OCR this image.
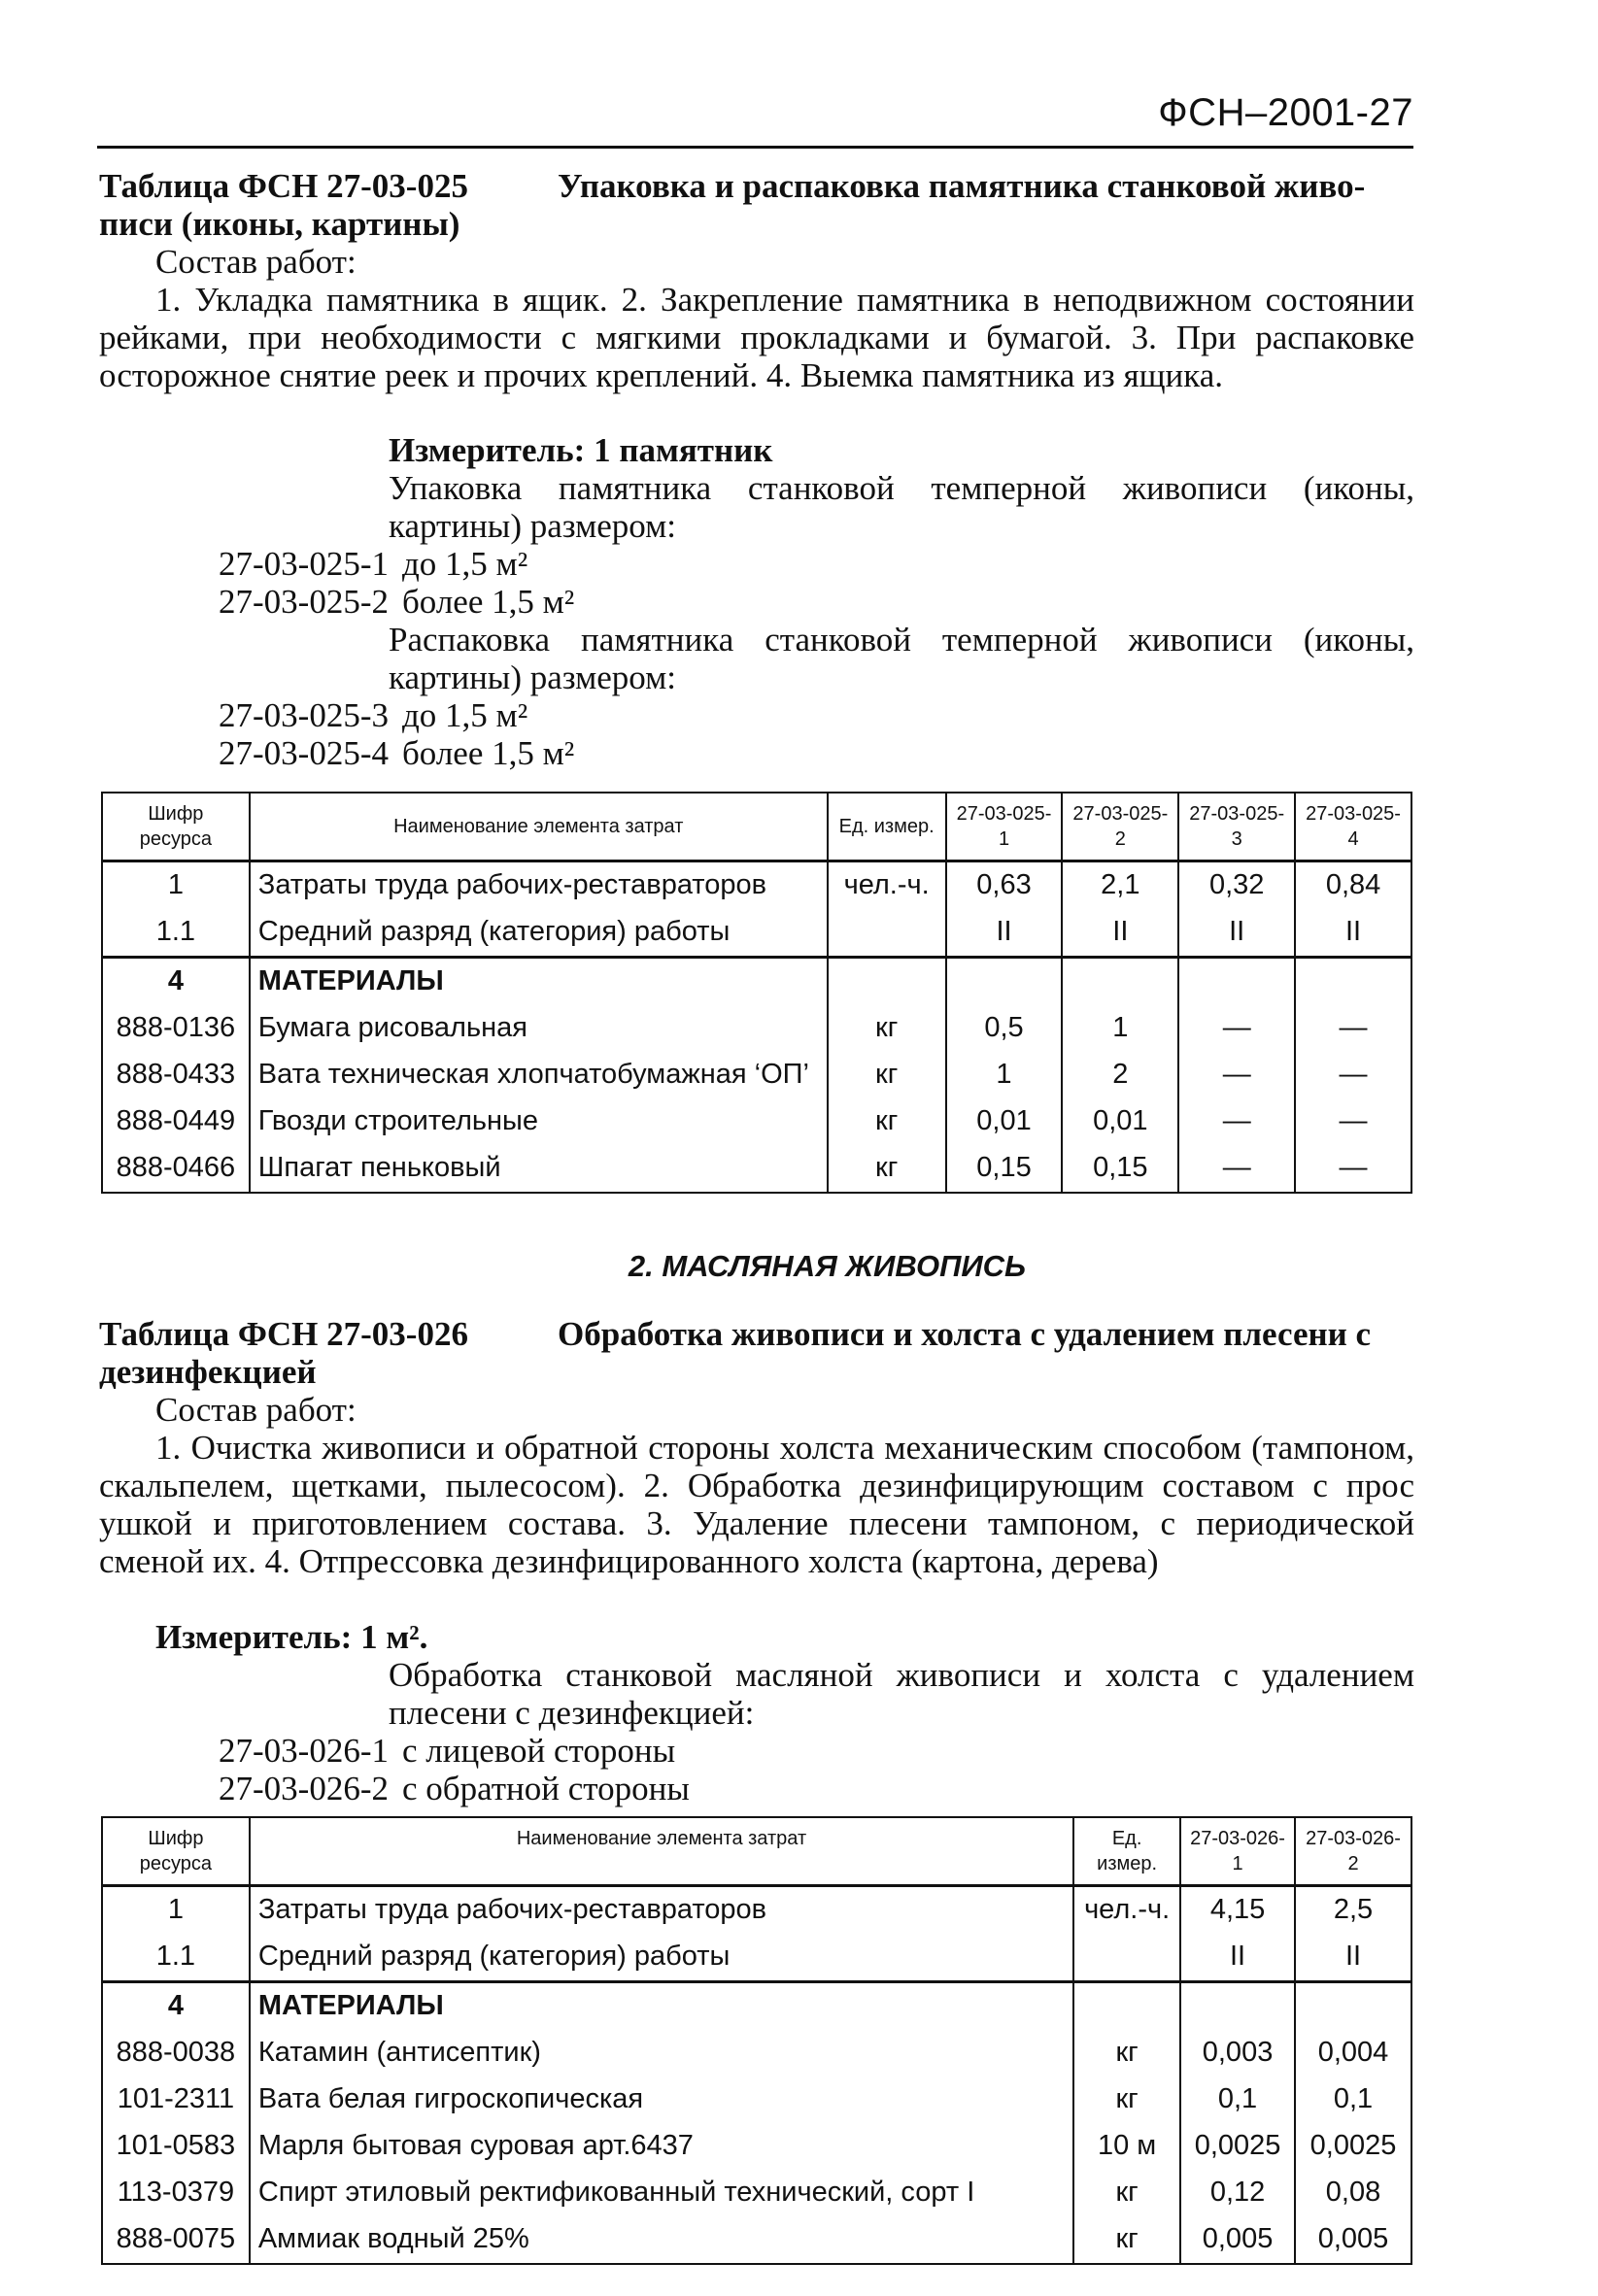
ФСН–2001-27
Таблица ФСН 27-03-025	Упаковка и распаковка памятника станковой живо-
писи (иконы, картины)
Состав работ:
1. Укладка памятника в ящик. 2. Закрепление памятника в неподвижном состоянии рейками, при необходимости с мягкими прокладками и бумагой. 3. При распаковке осторожное снятие реек и прочих креплений. 4. Выемка памятника из ящика.
Измеритель: 1 памятник
Упаковка памятника станковой темперной живописи (иконы, картины) размером:
27-03-025-1 до 1,5 м²
27-03-025-2 более 1,5 м²
Распаковка памятника станковой темперной живописи (иконы, картины) размером:
27-03-025-3 до 1,5 м²
27-03-025-4 более 1,5 м²
Шифр ресурса	Наименование элемента затрат	Ед. измер.	27-03-025-1	27-03-025-2	27-03-025-3	27-03-025-4
1	Затраты труда рабочих-реставраторов	чел.-ч.	0,63	2,1	0,32	0,84
1.1	Средний разряд (категория) работы		II	II	II	II
4	МАТЕРИАЛЫ					
888-0136	Бумага рисовальная	кг	0,5	1	—	—
888-0433	Вата техническая хлопчатобумажная ‘ОП’	кг	1	2	—	—
888-0449	Гвозди строительные	кг	0,01	0,01	—	—
888-0466	Шпагат пеньковый	кг	0,15	0,15	—	—
2. МАСЛЯНАЯ ЖИВОПИСЬ
Таблица ФСН 27-03-026	Обработка живописи и холста с удалением плесени с
дезинфекцией
Состав работ:
1. Очистка живописи и обратной стороны холста механическим способом (тампоном, скальпелем, щетками, пылесосом). 2. Обработка дезинфицирующим составом с прос ушкой и приготовлением состава. 3. Удаление плесени тампоном, с периодической сменой их. 4. Отпрессовка дезинфицированного холста (картона, дерева)
Измеритель: 1 м².
Обработка станковой масляной живописи и холста с удалением плесени с дезинфекцией:
27-03-026-1 с лицевой стороны
27-03-026-2 с обратной стороны
Шифр ресурса	Наименование элемента затрат	Ед. измер.	27-03-026-1	27-03-026-2
1	Затраты труда рабочих-реставраторов	чел.-ч.	4,15	2,5
1.1	Средний разряд (категория) работы		II	II
4	МАТЕРИАЛЫ			
888-0038	Катамин (антисептик)	кг	0,003	0,004
101-2311	Вата белая гигроскопическая	кг	0,1	0,1
101-0583	Марля бытовая суровая арт.6437	10 м	0,0025	0,0025
113-0379	Спирт этиловый ректификованный технический, сорт I	кг	0,12	0,08
888-0075	Аммиак водный 25%	кг	0,005	0,005
